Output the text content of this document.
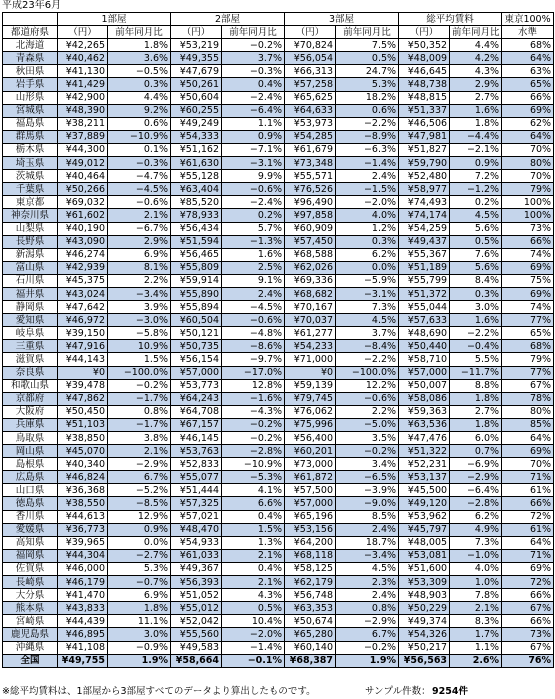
平成23年6月
	1部屋		2部屋		3部屋		総平均賃料		東京100%
都道府県	（円）	前年同月比	（円）	前年同月比	（円）	前年同月比	（円）	前年同月比	水準
北海道	¥42,265	1.8%	¥53,219	−0.2%	¥70,824	7.5%	¥50,352	4.4%	68%
青森県	¥40,462	3.6%	¥49,355	3.7%	¥56,054	0.5%	¥48,009	4.2%	64%
秋田県	¥41,130	−0.5%	¥47,679	−0.3%	¥66,313	24.7%	¥46,645	4.3%	63%
岩手県	¥41,429	0.3%	¥50,261	0.4%	¥57,258	5.3%	¥48,738	2.9%	65%
山形県	¥42,900	4.4%	¥50,604	−2.4%	¥65,625	18.2%	¥48,815	2.7%	66%
宮城県	¥48,390	9.2%	¥60,255	−6.4%	¥64,633	0.6%	¥51,337	1.6%	69%
福島県	¥38,211	0.6%	¥49,249	1.1%	¥53,973	−2.2%	¥46,506	1.8%	62%
群馬県	¥37,889	−10.9%	¥54,333	0.9%	¥54,285	−8.9%	¥47,981	−4.4%	64%
栃木県	¥44,300	0.1%	¥51,162	−7.1%	¥61,679	−6.3%	¥51,827	−2.1%	70%
埼玉県	¥49,012	−0.3%	¥61,630	−3.1%	¥73,348	−1.4%	¥59,790	0.9%	80%
茨城県	¥40,464	−4.7%	¥55,128	9.9%	¥55,571	2.4%	¥52,480	7.2%	70%
千葉県	¥50,266	−4.5%	¥63,404	−0.6%	¥76,526	−1.5%	¥58,977	−1.2%	79%
東京都	¥69,032	−0.6%	¥85,520	−2.4%	¥96,490	−2.0%	¥74,493	0.2%	100%
神奈川県	¥61,602	2.1%	¥78,933	0.2%	¥97,858	4.0%	¥74,174	4.5%	100%
山梨県	¥40,190	−6.7%	¥56,434	5.7%	¥60,909	1.2%	¥54,259	5.6%	73%
長野県	¥43,090	2.9%	¥51,594	−1.3%	¥57,450	0.3%	¥49,437	0.5%	66%
新潟県	¥46,274	6.9%	¥56,465	1.6%	¥68,588	6.2%	¥55,367	7.6%	74%
富山県	¥42,939	8.1%	¥55,809	2.5%	¥62,026	0.0%	¥51,189	5.6%	69%
石川県	¥45,375	2.2%	¥59,914	9.1%	¥69,336	−5.9%	¥55,799	8.4%	75%
福井県	¥43,024	−3.4%	¥55,890	2.4%	¥68,682	−3.1%	¥51,372	0.3%	69%
静岡県	¥47,642	3.9%	¥55,894	−4.5%	¥70,167	7.3%	¥55,044	3.0%	74%
愛知県	¥46,972	−3.0%	¥60,504	−0.6%	¥70,037	4.5%	¥57,633	1.6%	77%
岐阜県	¥39,150	−5.8%	¥50,121	−4.8%	¥61,277	3.7%	¥48,690	−2.2%	65%
三重県	¥47,916	10.9%	¥50,735	−8.6%	¥54,233	−8.4%	¥50,440	−0.4%	68%
滋賀県	¥44,143	1.5%	¥56,154	−9.7%	¥71,000	−2.2%	¥58,710	5.5%	79%
奈良県	¥0	−100.0%	¥57,000	−17.0%	¥0	−100.0%	¥57,000	−11.7%	77%
和歌山県	¥39,478	−0.2%	¥53,773	12.8%	¥59,139	12.2%	¥50,007	8.8%	67%
京都府	¥47,862	−1.7%	¥64,243	−1.6%	¥79,745	−0.6%	¥58,086	1.8%	78%
大阪府	¥50,450	0.8%	¥64,708	−4.3%	¥76,062	2.2%	¥59,363	2.7%	80%
兵庫県	¥51,103	−1.7%	¥67,157	−0.2%	¥75,996	−5.0%	¥63,536	1.8%	85%
鳥取県	¥38,850	3.8%	¥46,145	−0.2%	¥56,400	3.5%	¥47,476	6.0%	64%
岡山県	¥45,070	2.1%	¥53,763	−2.8%	¥60,201	−0.2%	¥51,322	0.7%	69%
島根県	¥40,340	−2.9%	¥52,833	−10.9%	¥73,000	3.4%	¥52,231	−6.9%	70%
広島県	¥46,824	6.7%	¥55,077	−5.3%	¥61,872	−6.5%	¥53,137	−2.9%	71%
山口県	¥36,368	−5.2%	¥51,444	4.1%	¥57,500	−3.9%	¥45,500	−6.4%	61%
徳島県	¥38,550	−8.5%	¥57,325	6.6%	¥57,000	−9.0%	¥49,120	−2.8%	66%
香川県	¥44,613	12.9%	¥57,021	0.4%	¥65,196	8.5%	¥53,962	6.2%	72%
愛媛県	¥36,773	0.9%	¥48,470	1.5%	¥53,156	2.4%	¥45,797	4.9%	61%
高知県	¥39,965	0.0%	¥54,933	1.3%	¥64,200	18.7%	¥48,005	7.3%	64%
福岡県	¥44,304	−2.7%	¥61,033	2.1%	¥68,118	−3.4%	¥53,081	−1.0%	71%
佐賀県	¥46,000	5.3%	¥49,367	0.4%	¥58,125	4.5%	¥51,600	4.0%	69%
長崎県	¥46,179	−0.7%	¥56,393	2.1%	¥62,179	2.3%	¥53,309	1.0%	72%
大分県	¥41,470	6.9%	¥51,052	4.3%	¥56,748	2.4%	¥48,903	7.8%	66%
熊本県	¥43,833	1.8%	¥55,012	0.5%	¥63,353	0.8%	¥50,229	2.1%	67%
宮崎県	¥44,439	11.1%	¥52,042	10.4%	¥50,674	−2.9%	¥49,374	8.3%	66%
鹿児島県	¥46,895	3.0%	¥55,560	−2.0%	¥65,280	6.7%	¥54,326	1.7%	73%
沖縄県	¥41,108	−0.9%	¥49,583	−1.4%	¥60,140	−0.2%	¥50,217	1.1%	67%
全国	¥49,755	1.9%	¥58,664	−0.1%	¥68,387	1.9%	¥56,563	2.6%	76%
※総平均賃料は、1部屋から3部屋すべてのデータより算出したものです。	サンプル件数： 9254件
